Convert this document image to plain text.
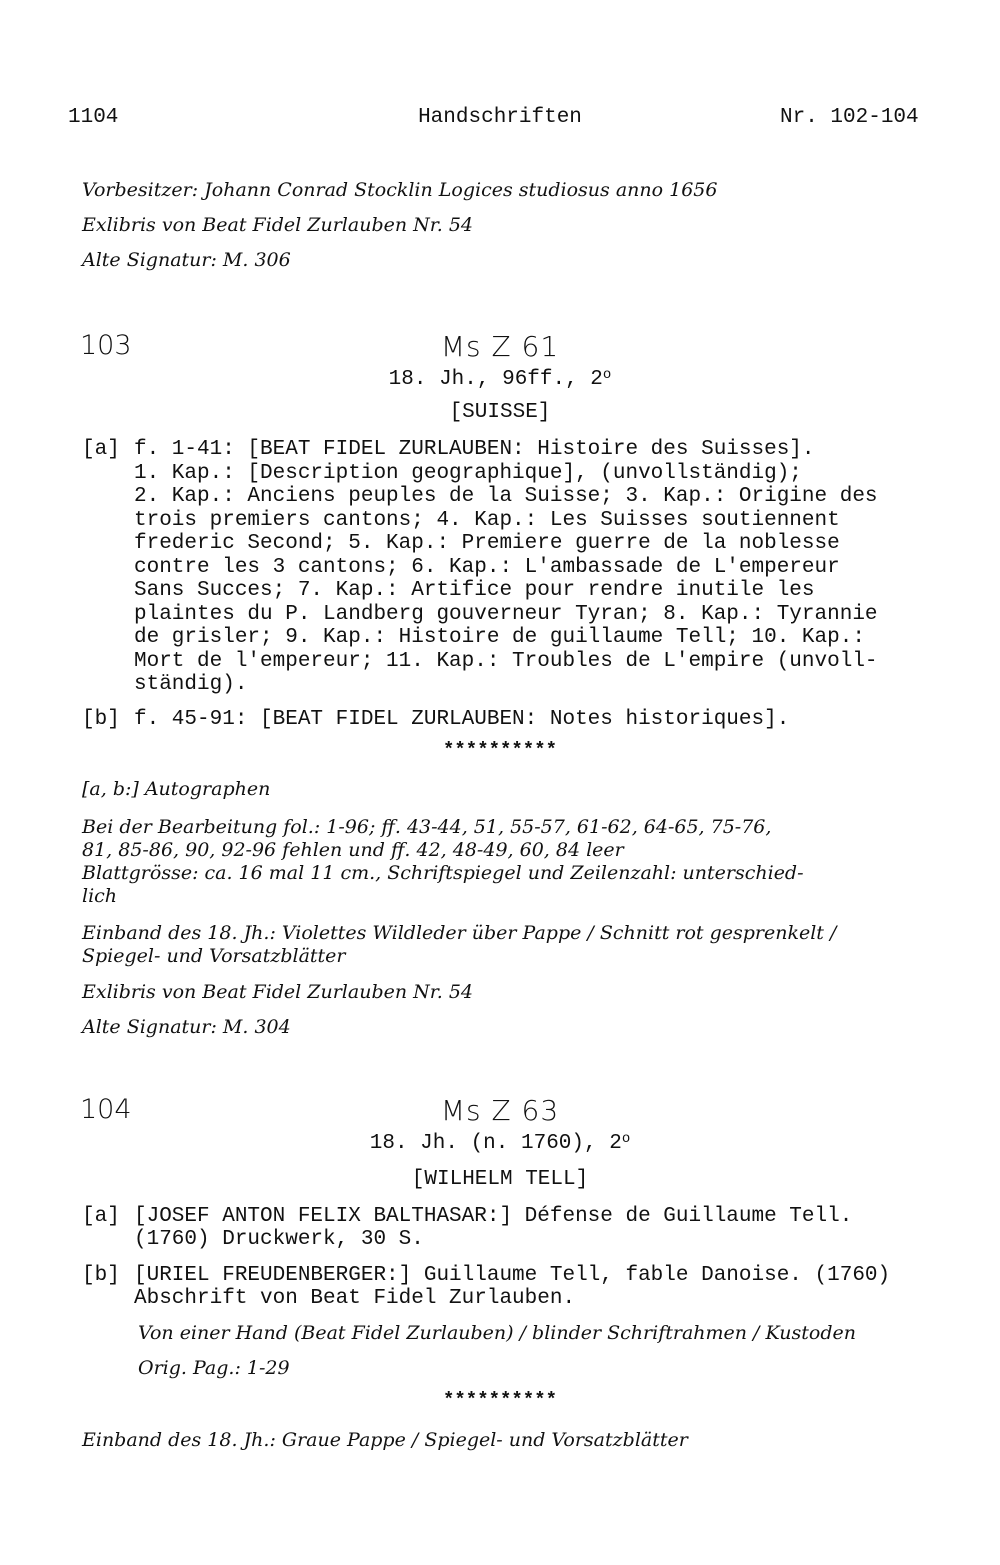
1104	Handschriften	Nr. 102-104
Vorbesitzer: Johann Conrad Stocklin Logices studiosus anno 1656
Exlibris von Beat Fidel Zurlauben Nr. 54
Alte Signatur: M. 306
103	Ms Z 61
18. Jh., 96ff., 2$^o$
[SUISSE]
[a] f. 1-41: [BEAT FIDEL ZURLAUBEN: Histoire des Suisses].
1. Kap.: [Description geographique], (unvollständig);
2. Kap.: Anciens peuples de la Suisse; 3. Kap.: Origine des
trois premiers cantons; 4. Kap.: Les Suisses soutiennent
frederic Second; 5. Kap.: Premiere guerre de la noblesse
contre les 3 cantons; 6. Kap.: L'ambassade de L'empereur
Sans Succes; 7. Kap.: Artifice pour rendre inutile les
plaintes du P. Landberg gouverneur Tyran; 8. Kap.: Tyrannie
de grisler; 9. Kap.: Histoire de guillaume Tell; 10. Kap.:
Mort de l'empereur; 11. Kap.: Troubles de L'empire (unvoll-
ständig).
[b] f. 45-91: [BEAT FIDEL ZURLAUBEN: Notes historiques].
**********
[a, b:] Autographen
Bei der Bearbeitung fol.: 1-96; ff. 43-44, 51, 55-57, 61-62, 64-65, 75-76,
81, 85-86, 90, 92-96 fehlen und ff. 42, 48-49, 60, 84 leer
Blattgrösse: ca. 16 mal 11 cm., Schriftspiegel und Zeilenzahl: unterschied-
lich
Einband des 18. Jh.: Violettes Wildleder über Pappe / Schnitt rot gesprenkelt /
Spiegel- und Vorsatzblätter
Exlibris von Beat Fidel Zurlauben Nr. 54
Alte Signatur: M. 304
104	Ms Z 63
18. Jh. (n. 1760), 2$^o$
[WILHELM TELL]
[a] [JOSEF ANTON FELIX BALTHASAR:] Défense de Guillaume Tell.
(1760) Druckwerk, 30 S.
[b] [URIEL FREUDENBERGER:] Guillaume Tell, fable Danoise. (1760)
Abschrift von Beat Fidel Zurlauben.
Von einer Hand (Beat Fidel Zurlauben) / blinder Schriftrahmen / Kustoden
Orig. Pag.: 1-29
**********
Einband des 18. Jh.: Graue Pappe / Spiegel- und Vorsatzblätter
